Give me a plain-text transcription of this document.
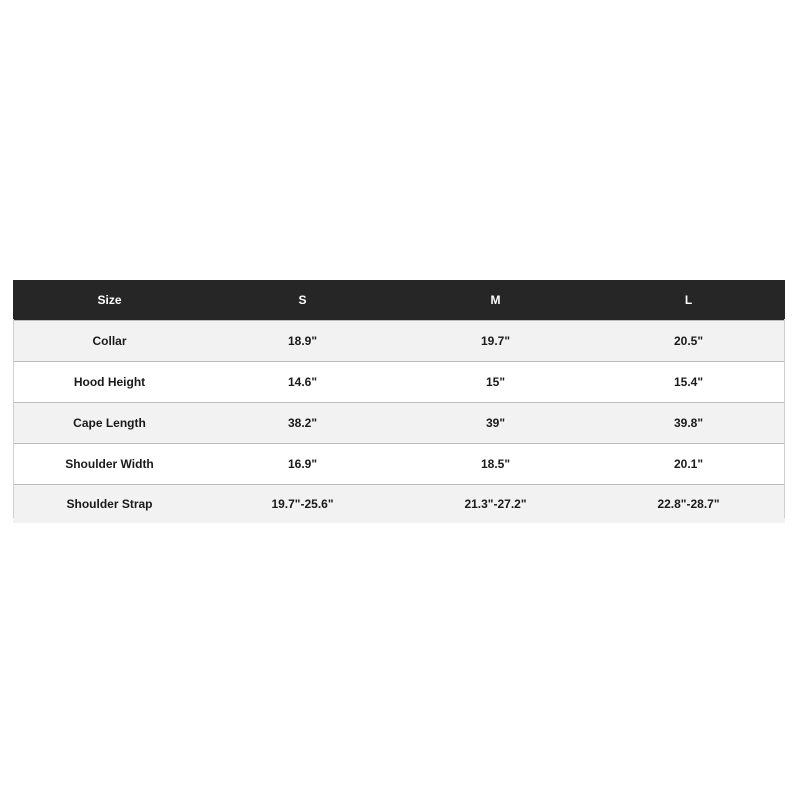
Size	S	M	L
Collar	18.9"	19.7"	20.5"
Hood Height	14.6"	15"	15.4"
Cape Length	38.2"	39"	39.8"
Shoulder Width	16.9"	18.5"	20.1"
Shoulder Strap	19.7"-25.6"	21.3"-27.2"	22.8"-28.7"
